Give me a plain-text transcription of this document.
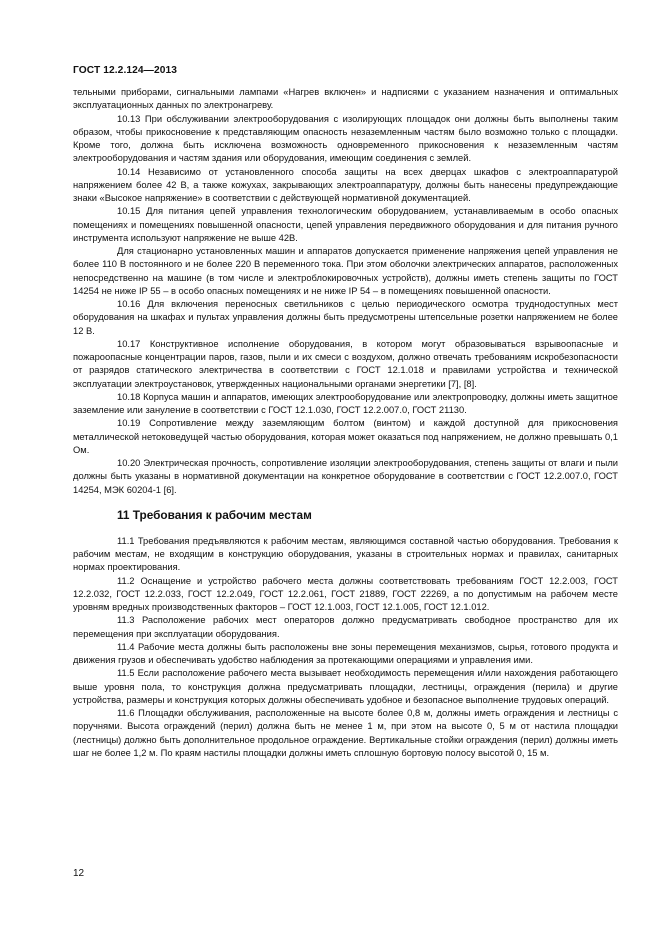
ГОСТ 12.2.124—2013

тельными приборами, сигнальными лампами «Нагрев включен» и надписями с указанием назначения и оптимальных эксплуатационных данных по электронагреву.

10.13 При обслуживании электрооборудования с изолирующих площадок они должны быть выполнены таким образом, чтобы прикосновение к представляющим опасность незаземленным частям было возможно только с площадки. Кроме того, должна быть исключена возможность одновременного прикосновения к незаземленным частям электрооборудования и частям здания или оборудования, имеющим соединения с землей.

10.14 Независимо от установленного способа защиты на всех дверцах шкафов с электроаппаратурой напряжением более 42 В, а также кожухах, закрывающих электроаппаратуру, должны быть нанесены предупреждающие знаки «Высокое напряжение» в соответствии с действующей нормативной документацией.

10.15 Для питания цепей управления технологическим оборудованием, устанавливаемым в особо опасных помещениях и помещениях повышенной опасности, цепей управления передвижного оборудования и для питания ручного инструмента используют напряжение не выше 42В.

Для стационарно установленных машин и аппаратов допускается применение напряжения цепей управления не более 110 В постоянного и не более 220 В переменного тока. При этом оболочки электрических аппаратов, расположенных непосредственно на машине (в том числе и электроблокировочных устройств), должны иметь степень защиты по ГОСТ 14254 не ниже IP 55 – в особо опасных помещениях и не ниже IP 54 – в помещениях повышенной опасности.

10.16 Для включения переносных светильников с целью периодического осмотра труднодоступных мест оборудования на шкафах и пультах управления должны быть предусмотрены штепсельные розетки напряжением не более 12 В.

10.17 Конструктивное исполнение оборудования, в котором могут образовываться взрывоопасные и пожароопасные концентрации паров, газов, пыли и их смеси с воздухом, должно отвечать требованиям искробезопасности от разрядов статического электричества в соответствии с ГОСТ 12.1.018 и правилами устройства и технической эксплуатации электроустановок, утвержденных национальными органами энергетики [7], [8].

10.18 Корпуса машин и аппаратов, имеющих электрооборудование или электропроводку, должны иметь защитное заземление или зануление в соответствии с ГОСТ 12.1.030, ГОСТ 12.2.007.0, ГОСТ 21130.

10.19 Сопротивление между заземляющим болтом (винтом) и каждой доступной для прикосновения металлической нетоковедущей частью оборудования, которая может оказаться под напряжением, не должно превышать 0,1 Ом.

10.20 Электрическая прочность, сопротивление изоляции электрооборудования, степень защиты от влаги и пыли должны быть указаны в нормативной документации на конкретное оборудование в соответствии с ГОСТ 12.2.007.0, ГОСТ 14254, МЭК 60204-1 [6].

11 Требования к рабочим местам

11.1 Требования предъявляются к рабочим местам, являющимся составной частью оборудования. Требования к рабочим местам, не входящим в конструкцию оборудования, указаны в строительных нормах и правилах, санитарных нормах проектирования.

11.2 Оснащение и устройство рабочего места должны соответствовать требованиям ГОСТ 12.2.003, ГОСТ 12.2.032, ГОСТ 12.2.033, ГОСТ 12.2.049, ГОСТ 12.2.061, ГОСТ 21889, ГОСТ 22269, а по допустимым на рабочем месте уровням вредных производственных факторов – ГОСТ 12.1.003, ГОСТ 12.1.005, ГОСТ 12.1.012.

11.3 Расположение рабочих мест операторов должно предусматривать свободное пространство для их перемещения при эксплуатации оборудования.

11.4 Рабочие места должны быть расположены вне зоны перемещения механизмов, сырья, готового продукта и движения грузов и обеспечивать удобство наблюдения за протекающими операциями и управления ими.

11.5 Если расположение рабочего места вызывает необходимость перемещения и/или нахождения работающего выше уровня пола, то конструкция должна предусматривать площадки, лестницы, ограждения (перила) и другие устройства, размеры и конструкция которых должны обеспечивать удобное и безопасное выполнение трудовых операций.

11.6 Площадки обслуживания, расположенные на высоте более 0,8 м, должны иметь ограждения и лестницы с поручнями. Высота ограждений (перил) должна быть не менее 1 м, при этом на высоте 0, 5 м от настила площадки (лестницы) должно быть дополнительное продольное ограждение. Вертикальные стойки ограждения (перил) должны иметь шаг не более 1,2 м. По краям настилы площадки должны иметь сплошную бортовую полосу высотой 0, 15 м.

12
